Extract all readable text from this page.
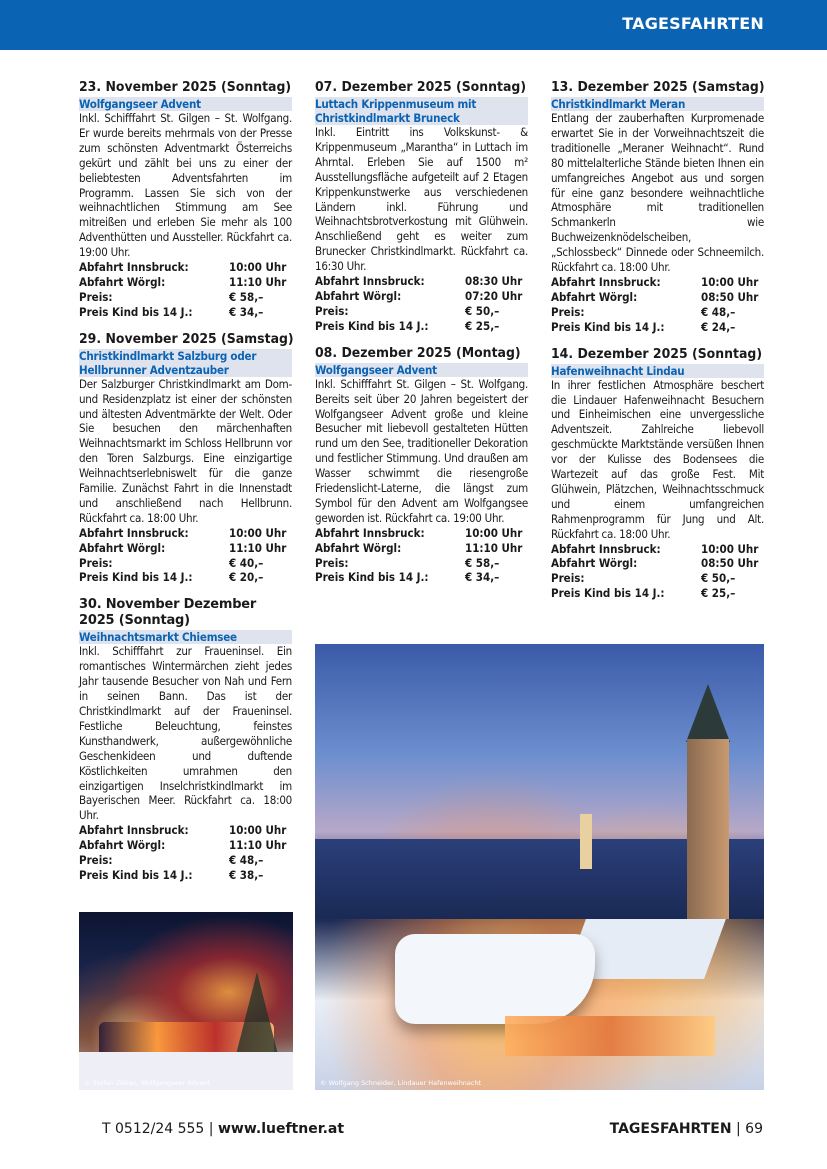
TAGESFAHRTEN
23. November 2025 (Sonntag)
Wolfgangseer Advent
Inkl. Schifffahrt St. Gilgen – St. Wolfgang. Er wurde bereits mehrmals von der Presse zum schönsten Adventmarkt Österreichs gekürt und zählt bei uns zu einer der beliebtesten Adventsfahrten im Programm. Lassen Sie sich von der weihnachtlichen Stimmung am See mitreißen und erleben Sie mehr als 100 Adventhütten und Aussteller. Rückfahrt ca. 19:00 Uhr.
Abfahrt Innsbruck:	10:00 Uhr
Abfahrt Wörgl:	11:10 Uhr
Preis:	€ 58,–
Preis Kind bis 14 J.:	€ 34,–
29. November 2025 (Samstag)
Christkindlmarkt Salzburg oder Hellbrunner Adventzauber
Der Salzburger Christkindlmarkt am Dom- und Residenzplatz ist einer der schönsten und ältesten Adventmärkte der Welt. Oder Sie besuchen den märchenhaften Weihnachtsmarkt im Schloss Hellbrunn vor den Toren Salzburgs. Eine einzigartige Weihnachtserlebniswelt für die ganze Familie. Zunächst Fahrt in die Innenstadt und anschließend nach Hellbrunn. Rückfahrt ca. 18:00 Uhr.
Abfahrt Innsbruck:	10:00 Uhr
Abfahrt Wörgl:	11:10 Uhr
Preis:	€ 40,–
Preis Kind bis 14 J.:	€ 20,–
30. November Dezember 2025 (Sonntag)
Weihnachtsmarkt Chiemsee
Inkl. Schifffahrt zur Fraueninsel. Ein romantisches Wintermärchen zieht jedes Jahr tausende Besucher von Nah und Fern in seinen Bann. Das ist der Christkindlmarkt auf der Fraueninsel. Festliche Beleuchtung, feinstes Kunsthandwerk, außergewöhnliche Geschenkideen und duftende Köstlichkeiten umrahmen den einzigartigen Inselchristkindlmarkt im Bayerischen Meer. Rückfahrt ca. 18:00 Uhr.
Abfahrt Innsbruck:	10:00 Uhr
Abfahrt Wörgl:	11:10 Uhr
Preis:	€ 48,–
Preis Kind bis 14 J.:	€ 38,–
07. Dezember 2025 (Sonntag)
Luttach Krippenmuseum mit Christkindlmarkt Bruneck
Inkl. Eintritt ins Volkskunst- & Krippenmuseum „Marantha“ in Luttach im Ahrntal. Erleben Sie auf 1500 m² Ausstellungsfläche aufgeteilt auf 2 Etagen Krippenkunstwerke aus verschiedenen Ländern inkl. Führung und Weihnachtsbrotverkostung mit Glühwein. Anschließend geht es weiter zum Brunecker Christkindlmarkt. Rückfahrt ca. 16:30 Uhr.
Abfahrt Innsbruck:	08:30 Uhr
Abfahrt Wörgl:	07:20 Uhr
Preis:	€ 50,–
Preis Kind bis 14 J.:	€ 25,–
08. Dezember 2025 (Montag)
Wolfgangseer Advent
Inkl. Schifffahrt St. Gilgen – St. Wolfgang. Bereits seit über 20 Jahren begeistert der Wolfgangseer Advent große und kleine Besucher mit liebevoll gestalteten Hütten rund um den See, traditioneller Dekoration und festlicher Stimmung. Und draußen am Wasser schwimmt die riesengroße Friedenslicht-Laterne, die längst zum Symbol für den Advent am Wolfgangsee geworden ist. Rückfahrt ca. 19:00 Uhr.
Abfahrt Innsbruck:	10:00 Uhr
Abfahrt Wörgl:	11:10 Uhr
Preis:	€ 58,–
Preis Kind bis 14 J.:	€ 34,–
13. Dezember 2025 (Samstag)
Christkindlmarkt Meran
Entlang der zauberhaften Kurpromenade erwartet Sie in der Vorweihnachtszeit die traditionelle „Meraner Weihnacht“. Rund 80 mittelalterliche Stände bieten Ihnen ein umfangreiches Angebot aus und sorgen für eine ganz besondere weihnachtliche Atmosphäre mit traditionellen Schmankerln wie Buchweizenknödelscheiben, „Schlossbeck“ Dinnede oder Schneemilch. Rückfahrt ca. 18:00 Uhr.
Abfahrt Innsbruck:	10:00 Uhr
Abfahrt Wörgl:	08:50 Uhr
Preis:	€ 48,–
Preis Kind bis 14 J.:	€ 24,–
14. Dezember 2025 (Sonntag)
Hafenweihnacht Lindau
In ihrer festlichen Atmosphäre beschert die Lindauer Hafenweihnacht Besuchern und Einheimischen eine unvergessliche Adventszeit. Zahlreiche liebevoll geschmückte Marktstände versüßen Ihnen vor der Kulisse des Bodensees die Wartezeit auf das große Fest. Mit Glühwein, Plätzchen, Weihnachtsschmuck und einem umfangreichen Rahmenprogramm für Jung und Alt. Rückfahrt ca. 18:00 Uhr.
Abfahrt Innsbruck:	10:00 Uhr
Abfahrt Wörgl:	08:50 Uhr
Preis:	€ 50,–
Preis Kind bis 14 J.:	€ 25,–
© Stefan Zöltan, Wolfgangseer Advent	© Wolfgang Schneider, Lindauer Hafenweihnacht
T 0512/24 555 | www.lueftner.at	TAGESFAHRTEN | 69
